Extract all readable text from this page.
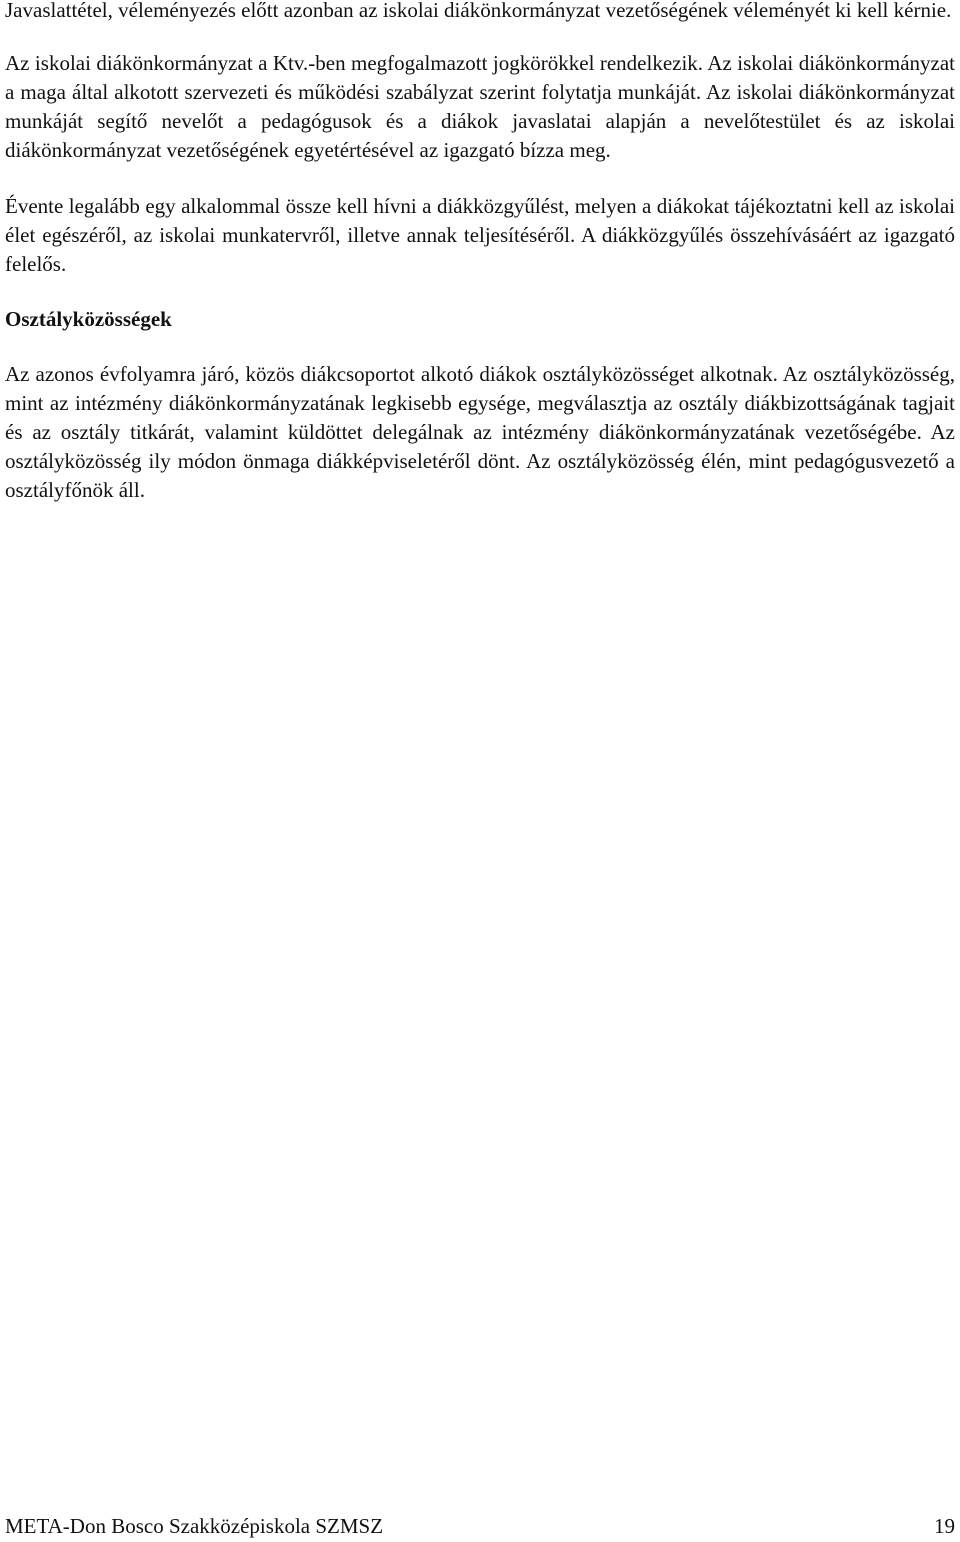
Javaslattétel, véleményezés előtt azonban az iskolai diákönkormányzat vezetőségének véleményét ki kell kérnie.

Az iskolai diákönkormányzat a Ktv.-ben megfogalmazott jogkörökkel rendelkezik. Az iskolai diákönkormányzat a maga által alkotott szervezeti és működési szabályzat szerint folytatja munkáját. Az iskolai diákönkormányzat munkáját segítő nevelőt a pedagógusok és a diákok javaslatai alapján a nevelőtestület és az iskolai diákönkormányzat vezetőségének egyetértésével az igazgató bízza meg.

Évente legalább egy alkalommal össze kell hívni a diákközgyűlést, melyen a diákokat tájékoztatni kell az iskolai élet egészéről, az iskolai munkatervről, illetve annak teljesítéséről. A diákközgyűlés összehívásáért az igazgató felelős.

Osztályközösségek

Az azonos évfolyamra járó, közös diákcsoportot alkotó diákok osztályközösséget alkotnak. Az osztályközösség, mint az intézmény diákönkormányzatának legkisebb egysége, megválasztja az osztály diákbizottságának tagjait és az osztály titkárát, valamint küldöttet delegálnak az intézmény diákönkormányzatának vezetőségébe. Az osztályközösség ily módon önmaga diákképviseletéről dönt. Az osztályközösség élén, mint pedagógusvezető a osztályfőnök áll.

META-Don Bosco Szakközépiskola SZMSZ	19
